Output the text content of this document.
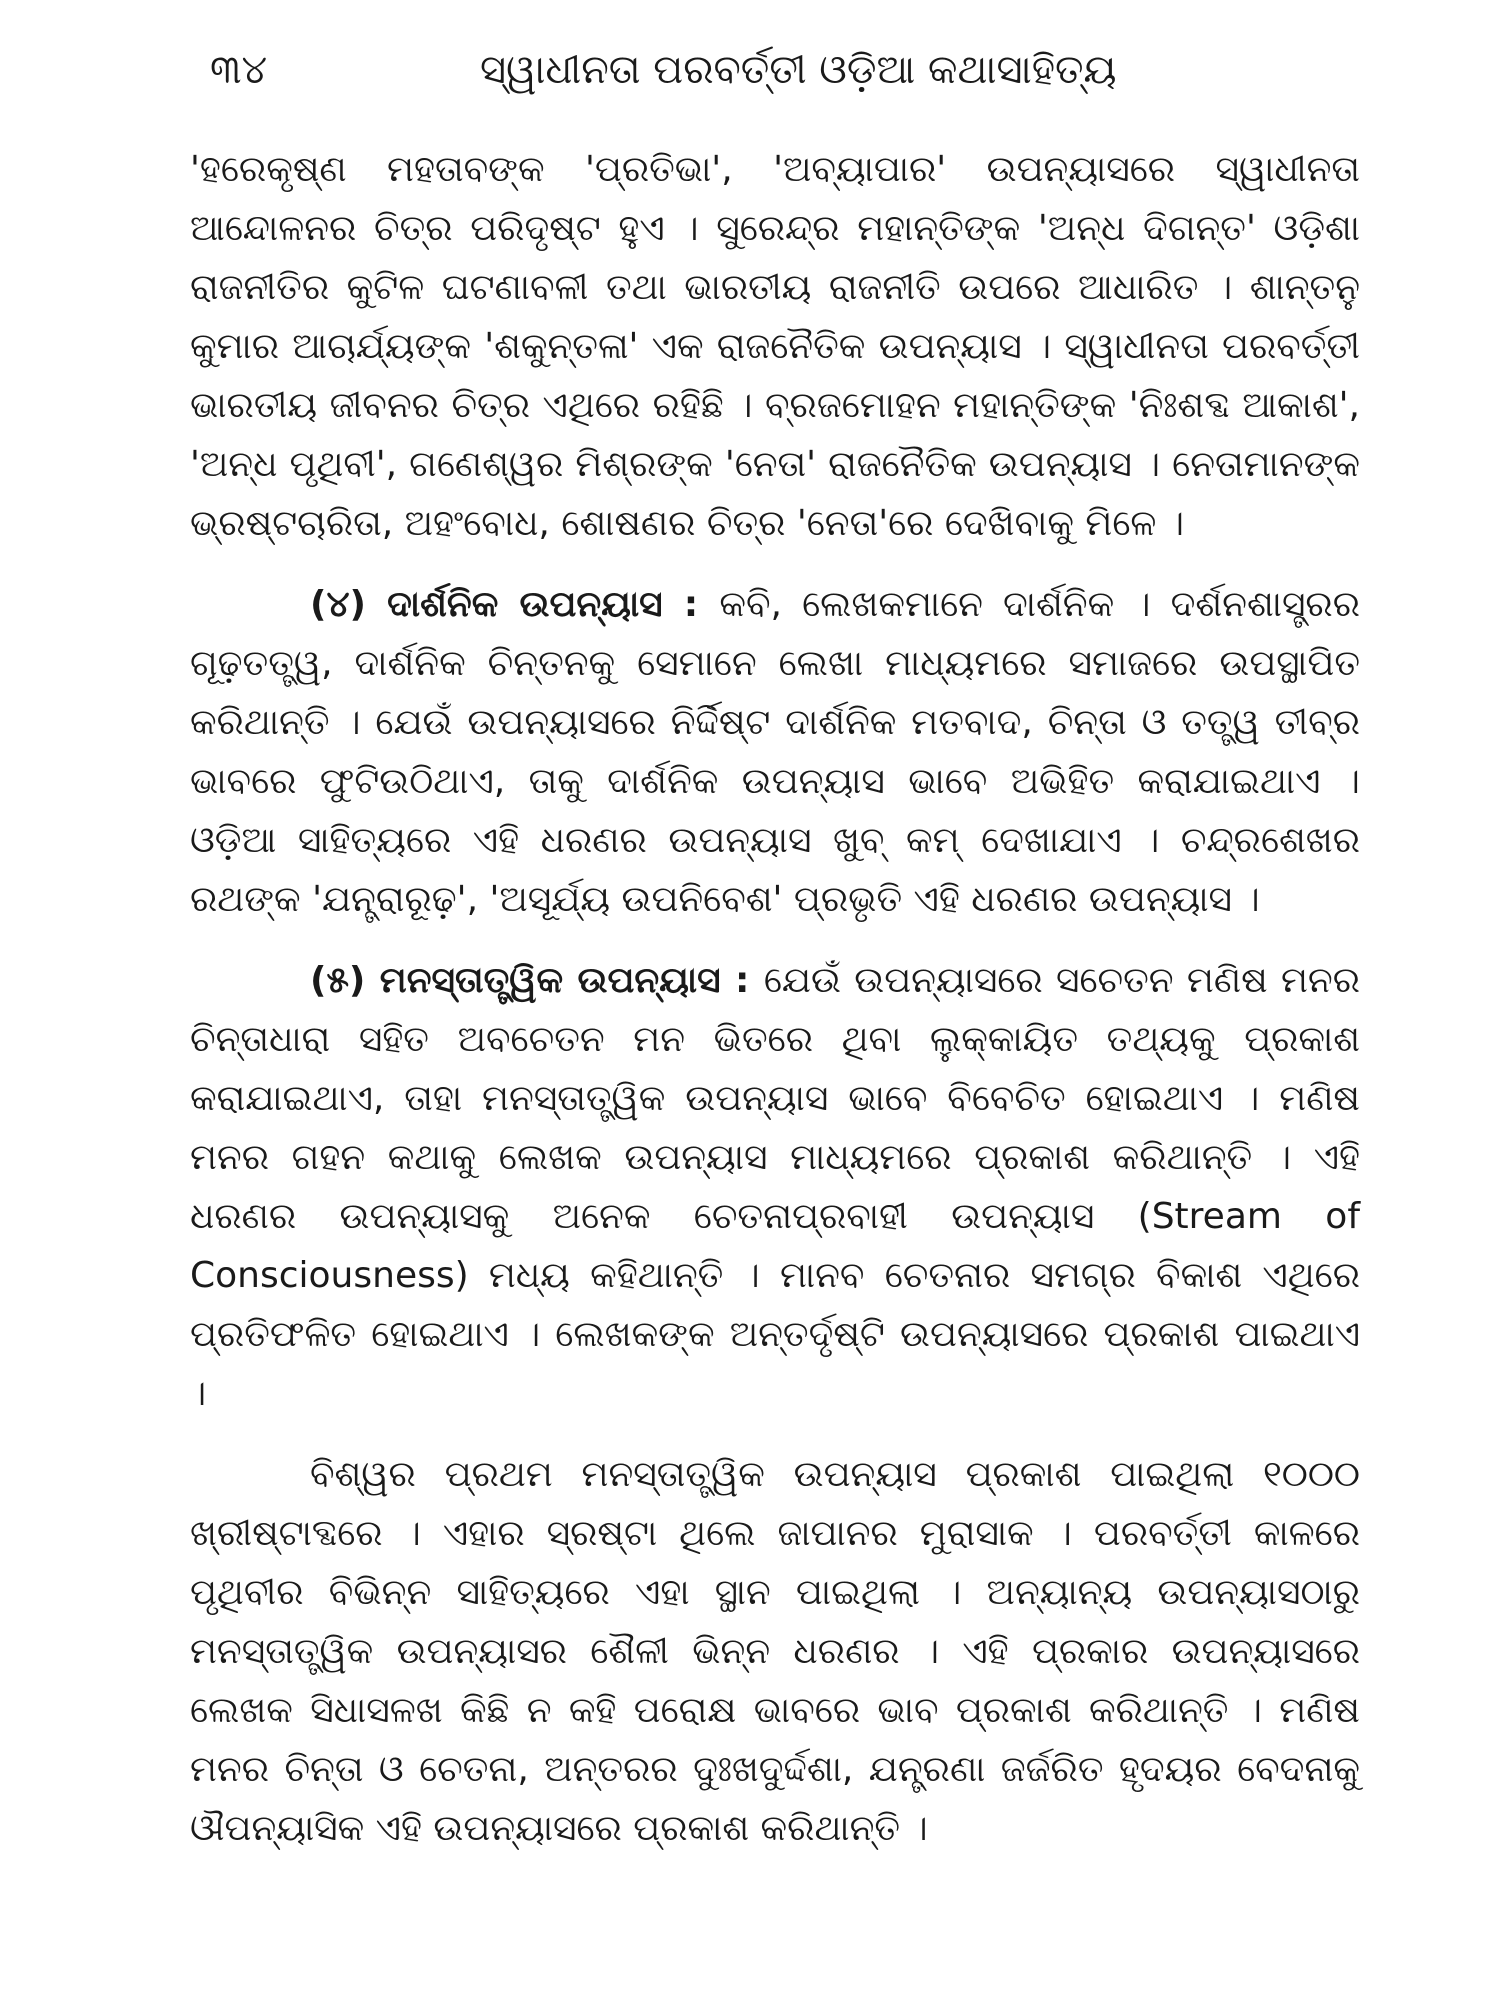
୩୪	ସ୍ୱାଧୀନତା ପରବର୍ତ୍ତୀ ଓଡ଼ିଆ କଥାସାହିତ୍ୟ

'ହରେକୃଷ୍ଣ ମହତାବଙ୍କ 'ପ୍ରତିଭା', 'ଅବ୍ୟାପାର' ଉପନ୍ୟାସରେ ସ୍ୱାଧୀନତା ଆନ୍ଦୋଳନର ଚିତ୍ର ପରିଦୃଷ୍ଟ ହୁଏ । ସୁରେନ୍ଦ୍ର ମହାନ୍ତିଙ୍କ 'ଅନ୍ଧ ଦିଗନ୍ତ' ଓଡ଼ିଶା ରାଜନୀତିର କୁଟିଳ ଘଟଣାବଳୀ ତଥା ଭାରତୀୟ ରାଜନୀତି ଉପରେ ଆଧାରିତ । ଶାନ୍ତନୁ କୁମାର ଆଚାର୍ଯ୍ୟଙ୍କ 'ଶକୁନ୍ତଳା' ଏକ ରାଜନୈତିକ ଉପନ୍ୟାସ । ସ୍ୱାଧୀନତା ପରବର୍ତ୍ତୀ ଭାରତୀୟ ଜୀବନର ଚିତ୍ର ଏଥିରେ ରହିଛି । ବ୍ରଜମୋହନ ମହାନ୍ତିଙ୍କ 'ନିଃଶବ୍ଦ ଆକାଶ', 'ଅନ୍ଧ ପୃଥିବୀ', ଗଣେଶ୍ୱର ମିଶ୍ରଙ୍କ 'ନେତା' ରାଜନୈତିକ ଉପନ୍ୟାସ । ନେତାମାନଙ୍କ ଭ୍ରଷ୍ଟଚାରିତା, ଅହଂବୋଧ, ଶୋଷଣର ଚିତ୍ର 'ନେତା'ରେ ଦେଖିବାକୁ ମିଳେ ।

(୪) ଦାର୍ଶନିକ ଉପନ୍ୟାସ : କବି, ଲେଖକମାନେ ଦାର୍ଶନିକ । ଦର୍ଶନଶାସ୍ତ୍ରର ଗୂଢ଼ତତ୍ତ୍ୱ, ଦାର୍ଶନିକ ଚିନ୍ତନକୁ ସେମାନେ ଲେଖା ମାଧ୍ୟମରେ ସମାଜରେ ଉପସ୍ଥାପିତ କରିଥାନ୍ତି । ଯେଉଁ ଉପନ୍ୟାସରେ ନିର୍ଦ୍ଦିଷ୍ଟ ଦାର୍ଶନିକ ମତବାଦ, ଚିନ୍ତା ଓ ତତ୍ତ୍ୱ ତୀବ୍ର ଭାବରେ ଫୁଟିଉଠିଥାଏ, ତାକୁ ଦାର୍ଶନିକ ଉପନ୍ୟାସ ଭାବେ ଅଭିହିତ କରାଯାଇଥାଏ । ଓଡ଼ିଆ ସାହିତ୍ୟରେ ଏହି ଧରଣର ଉପନ୍ୟାସ ଖୁବ୍ କମ୍ ଦେଖାଯାଏ । ଚନ୍ଦ୍ରଶେଖର ରଥଙ୍କ 'ଯନ୍ତ୍ରାରୂଢ଼', 'ଅସୂର୍ଯ୍ୟ ଉପନିବେଶ' ପ୍ରଭୃତି ଏହି ଧରଣର ଉପନ୍ୟାସ ।

(୫) ମନସ୍ତାତ୍ତ୍ୱିକ ଉପନ୍ୟାସ : ଯେଉଁ ଉପନ୍ୟାସରେ ସଚେତନ ମଣିଷ ମନର ଚିନ୍ତାଧାରା ସହିତ ଅବଚେତନ ମନ ଭିତରେ ଥିବା ଲୁକ୍‌କାୟିତ ତଥ୍ୟକୁ ପ୍ରକାଶ କରାଯାଇଥାଏ, ତାହା ମନସ୍ତାତ୍ତ୍ୱିକ ଉପନ୍ୟାସ ଭାବେ ବିବେଚିତ ହୋଇଥାଏ । ମଣିଷ ମନର ଗହନ କଥାକୁ ଲେଖକ ଉପନ୍ୟାସ ମାଧ୍ୟମରେ ପ୍ରକାଶ କରିଥାନ୍ତି । ଏହି ଧରଣର ଉପନ୍ୟାସକୁ ଅନେକ ଚେତନାପ୍ରବାହୀ ଉପନ୍ୟାସ (Stream of Consciousness) ମଧ୍ୟ କହିଥାନ୍ତି । ମାନବ ଚେତନାର ସମଗ୍ର ବିକାଶ ଏଥିରେ ପ୍ରତିଫଳିତ ହୋଇଥାଏ । ଲେଖକଙ୍କ ଅନ୍ତର୍ଦୃଷ୍ଟି ଉପନ୍ୟାସରେ ପ୍ରକାଶ ପାଇଥାଏ ।

ବିଶ୍ୱର ପ୍ରଥମ ମନସ୍ତାତ୍ତ୍ୱିକ ଉପନ୍ୟାସ ପ୍ରକାଶ ପାଇଥିଲା ୧୦୦୦ ଖ୍ରୀଷ୍ଟାବ୍ଦରେ । ଏହାର ସ୍ରଷ୍ଟା ଥିଲେ ଜାପାନର ମୁରାସାକ । ପରବର୍ତ୍ତୀ କାଳରେ ପୃଥିବୀର ବିଭିନ୍ନ ସାହିତ୍ୟରେ ଏହା ସ୍ଥାନ ପାଇଥିଲା । ଅନ୍ୟାନ୍ୟ ଉପନ୍ୟାସଠାରୁ ମନସ୍ତାତ୍ତ୍ୱିକ ଉପନ୍ୟାସର ଶୈଳୀ ଭିନ୍ନ ଧରଣର । ଏହି ପ୍ରକାର ଉପନ୍ୟାସରେ ଲେଖକ ସିଧାସଳଖ କିଛି ନ କହି ପରୋକ୍ଷ ଭାବରେ ଭାବ ପ୍ରକାଶ କରିଥାନ୍ତି । ମଣିଷ ମନର ଚିନ୍ତା ଓ ଚେତନା, ଅନ୍ତରର ଦୁଃଖଦୁର୍ଦ୍ଦଶା, ଯନ୍ତ୍ରଣା ଜର୍ଜରିତ ହୃଦୟର ବେଦନାକୁ ଔପନ୍ୟାସିକ ଏହି ଉପନ୍ୟାସରେ ପ୍ରକାଶ କରିଥାନ୍ତି ।
